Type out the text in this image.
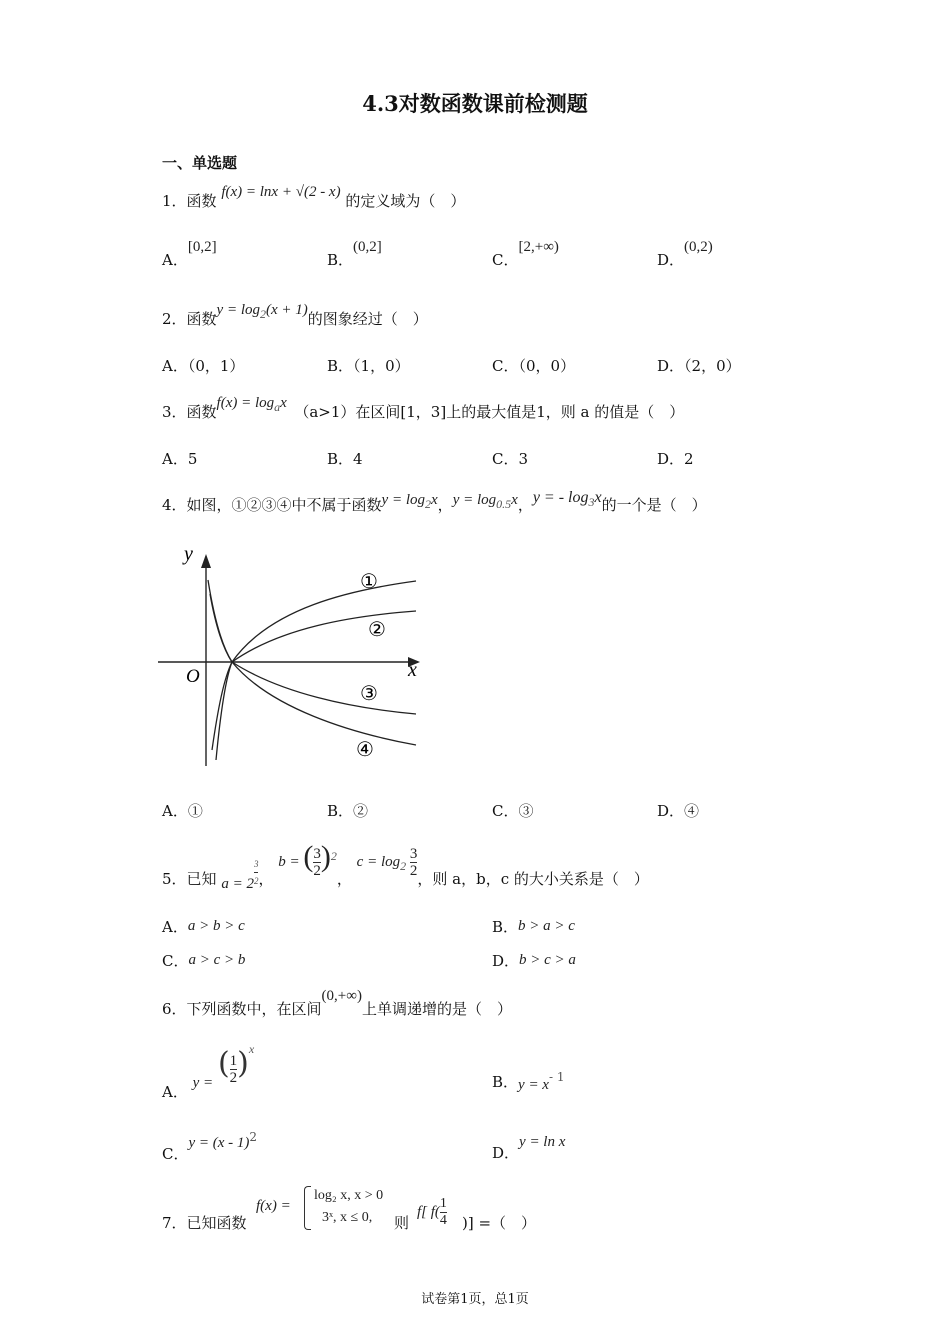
4.3对数函数课前检测题
一、单选题
1．函数 f(x) = lnx + √(2 - x) 的定义域为（　）
A．[0,2]
B．(0,2]
C．[2,+∞)
D．(0,2)
2．函数$y = \log_2(x + 1)$的图象经过（　）
A．（0，1）	B．（1，0）	C．（0，0）	D．（2，0）
3．函数$f(x) = \log_ax$　 （a>1）在区间[1，3]上的最大值是1，则 a 的值是（　）
A．5	B．4	C．3	D．2
4．如图，①②③④中不属于函数$y = \log_2x$，$y = \log_{0.5}x$，y = - $\log_3x$的一个是（　）
y
x
O
①
②
③
④
A．①	B．②	C．③	D．④
5．已知 $a = 2 \frac{3}{2}$ ， b = ( $\frac{3}{2} )^2$， $c = \log_2 \frac{3}{2}$ ，则 a，b，c 的大小关系是（　）
A．a > b > c	B．b > a > c
C．a > c > b	D．b > c > a
6．下列函数中，在区间(0,+∞)上单调递增的是（　）
A． y = ( $\frac{1}{2} )^x$
B．$y = x^{- 1}$
C．y = (x - 1)$^2$
D．y = ln x
7．已知函数
f(x) =
log₂ x, x > 0
3ˣ, x ≤ 0, 则
f[ $f( \frac{1}{4}$ )] =（　）
试卷第1页，总1页
